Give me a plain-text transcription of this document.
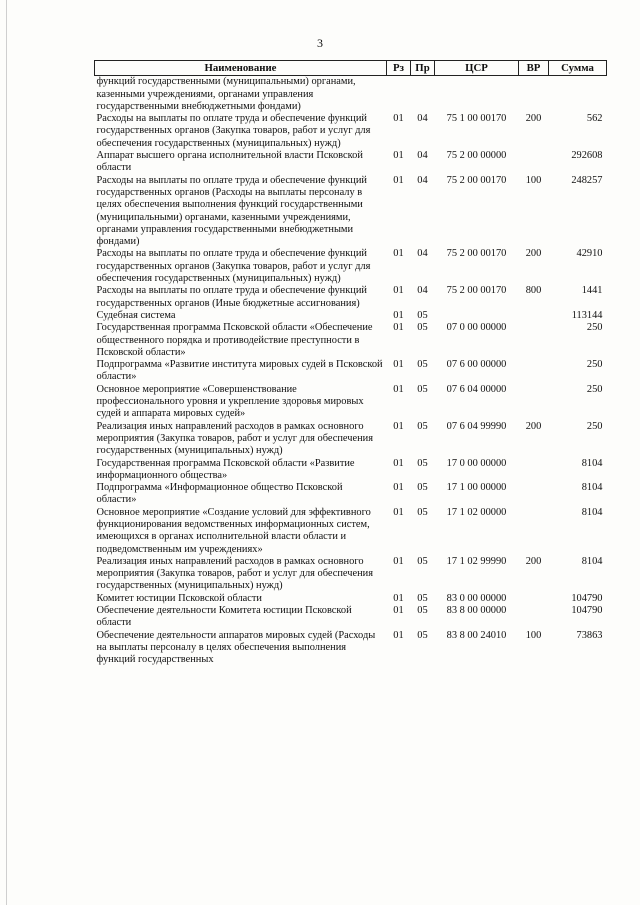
3
Наименование	Рз	Пр	ЦСР	ВР	Сумма
функций государственными (муниципальными) органами, казенными учреждениями, органами управления государственными внебюджетными фондами)					
Расходы на выплаты по оплате труда и обеспечение функций государственных органов (Закупка товаров, работ и услуг для обеспечения государственных (муниципальных) нужд)	01	04	75 1 00 00170	200	562
Аппарат высшего органа исполнительной власти Псковской области	01	04	75 2 00 00000		292608
Расходы на выплаты по оплате труда и обеспечение функций государственных органов (Расходы на выплаты персоналу в целях обеспечения выполнения функций государственными (муниципальными) органами, казенными учреждениями, органами управления государственными внебюджетными фондами)	01	04	75 2 00 00170	100	248257
Расходы на выплаты по оплате труда и обеспечение функций государственных органов (Закупка товаров, работ и услуг для обеспечения государственных (муниципальных) нужд)	01	04	75 2 00 00170	200	42910
Расходы на выплаты по оплате труда и обеспечение функций государственных органов (Иные бюджетные ассигнования)	01	04	75 2 00 00170	800	1441
Судебная система	01	05			113144
Государственная программа Псковской области «Обеспечение общественного порядка и противодействие преступности в Псковской области»	01	05	07 0 00 00000		250
Подпрограмма «Развитие института мировых судей в Псковской области»	01	05	07 6 00 00000		250
Основное мероприятие «Совершенствование профессионального уровня и укрепление здоровья мировых судей и аппарата мировых судей»	01	05	07 6 04 00000		250
Реализация иных направлений расходов в рамках основного мероприятия (Закупка товаров, работ и услуг для обеспечения государственных (муниципальных) нужд)	01	05	07 6 04 99990	200	250
Государственная программа Псковской области «Развитие информационного общества»	01	05	17 0 00 00000		8104
Подпрограмма «Информационное общество Псковской области»	01	05	17 1 00 00000		8104
Основное мероприятие «Создание условий для эффективного функционирования ведомственных информационных систем, имеющихся в органах исполнительной власти области и подведомственным им учреждениях»	01	05	17 1 02 00000		8104
Реализация иных направлений расходов в рамках основного мероприятия (Закупка товаров, работ и услуг для обеспечения государственных (муниципальных) нужд)	01	05	17 1 02 99990	200	8104
Комитет юстиции Псковской области	01	05	83 0 00 00000		104790
Обеспечение деятельности Комитета юстиции Псковской области	01	05	83 8 00 00000		104790
Обеспечение деятельности аппаратов мировых судей (Расходы на выплаты персоналу в целях обеспечения выполнения функций государственных	01	05	83 8 00 24010	100	73863
